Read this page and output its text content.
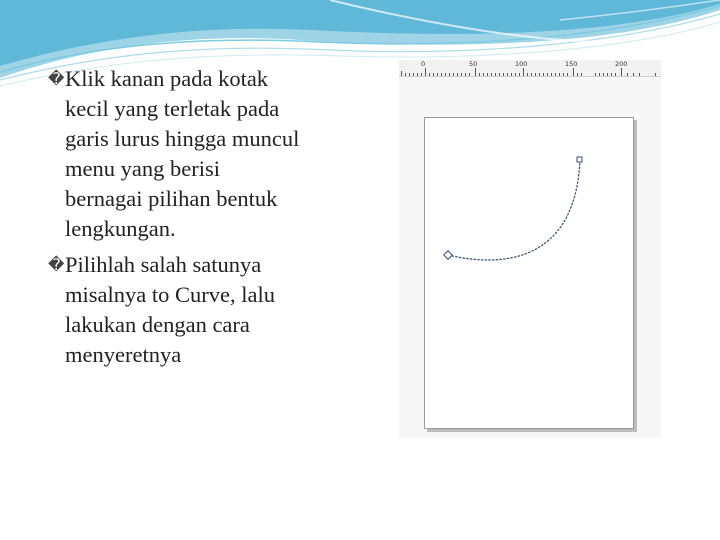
� Klik kanan pada kotak
kecil yang terletak pada
garis lurus hingga muncul
menu yang berisi
bernagai pilihan bentuk
lengkungan.
� Pilihlah salah satunya
misalnya to Curve, lalu
lakukan dengan cara
menyeretnya
0	50	100	150	200
